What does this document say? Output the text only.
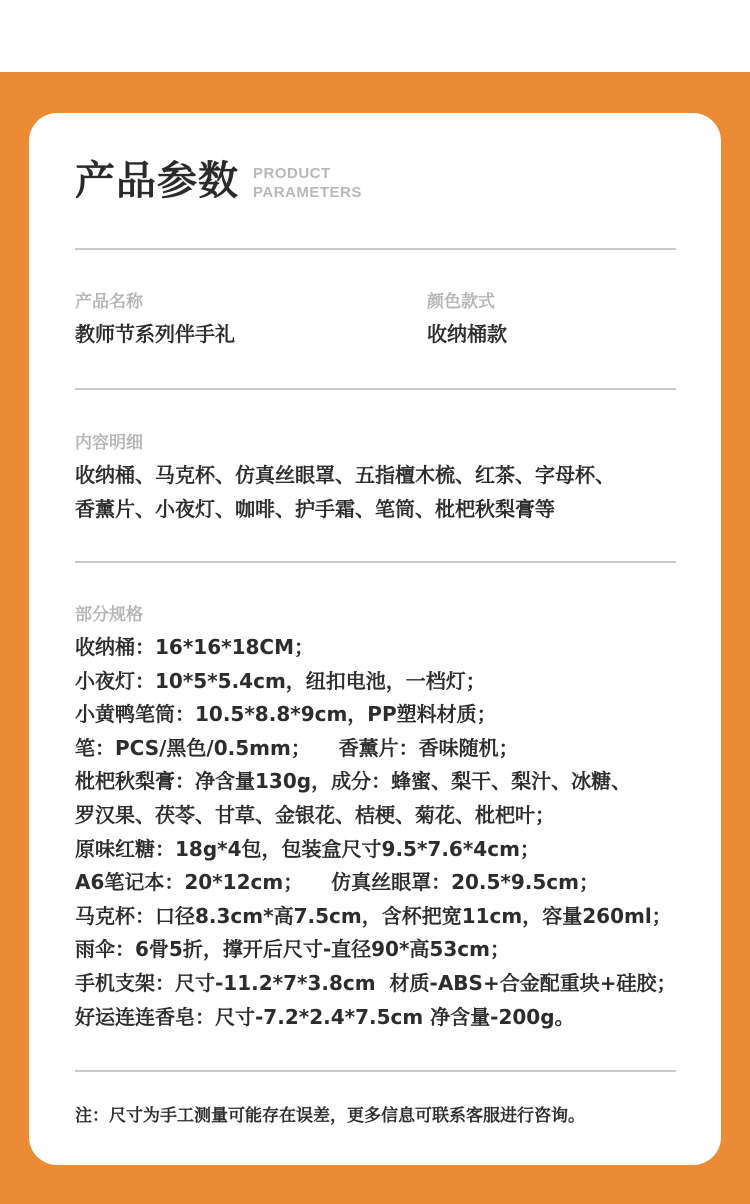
产品参数 PRODUCT
PARAMETERS
产品名称
教师节系列伴手礼
颜色款式
收纳桶款
内容明细
收纳桶、马克杯、仿真丝眼罩、五指檀木梳、红茶、字母杯、
香薰片、小夜灯、咖啡、护手霜、笔筒、枇杷秋梨膏等
部分规格
收纳桶：16*16*18CM；
小夜灯：10*5*5.4cm，纽扣电池，一档灯；
小黄鸭笔筒：10.5*8.8*9cm，PP塑料材质；
笔：PCS/黑色/0.5mm；    香薰片：香味随机；
枇杷秋梨膏：净含量130g，成分：蜂蜜、梨干、梨汁、冰糖、
罗汉果、茯苓、甘草、金银花、桔梗、菊花、枇杷叶；
原味红糖：18g*4包，包装盒尺寸9.5*7.6*4cm；
A6笔记本：20*12cm；    仿真丝眼罩：20.5*9.5cm；
马克杯：口径8.3cm*高7.5cm，含杯把宽11cm，容量260ml；
雨伞：6骨5折，撑开后尺寸-直径90*高53cm；
手机支架：尺寸-11.2*7*3.8cm  材质-ABS+合金配重块+硅胶；
好运连连香皂：尺寸-7.2*2.4*7.5cm 净含量-200g。
注：尺寸为手工测量可能存在误差，更多信息可联系客服进行咨询。
